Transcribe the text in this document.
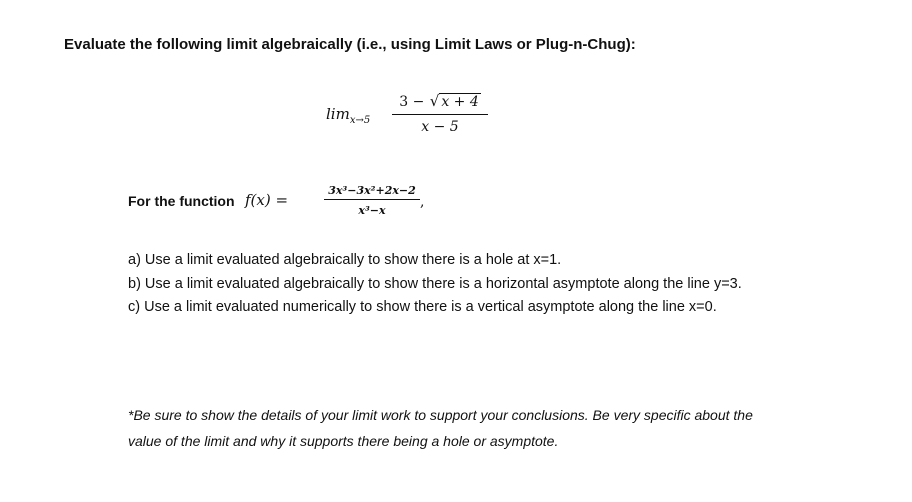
Evaluate the following limit algebraically (i.e., using Limit Laws or Plug-n-Chug):
$\lim_{x\to 5}$
3 − √ x + 4
x − 5
For the function f(x) =
3x³−3x²+2x−2
x³−x
,

a) Use a limit evaluated algebraically to show there is a hole at x=1.

b) Use a limit evaluated algebraically to show there is a horizontal asymptote along the line y=3.

c) Use a limit evaluated numerically to show there is a vertical asymptote along the line x=0.

*Be sure to show the details of your limit work to support your conclusions. Be very specific about the value of the limit and why it supports there being a hole or asymptote.
